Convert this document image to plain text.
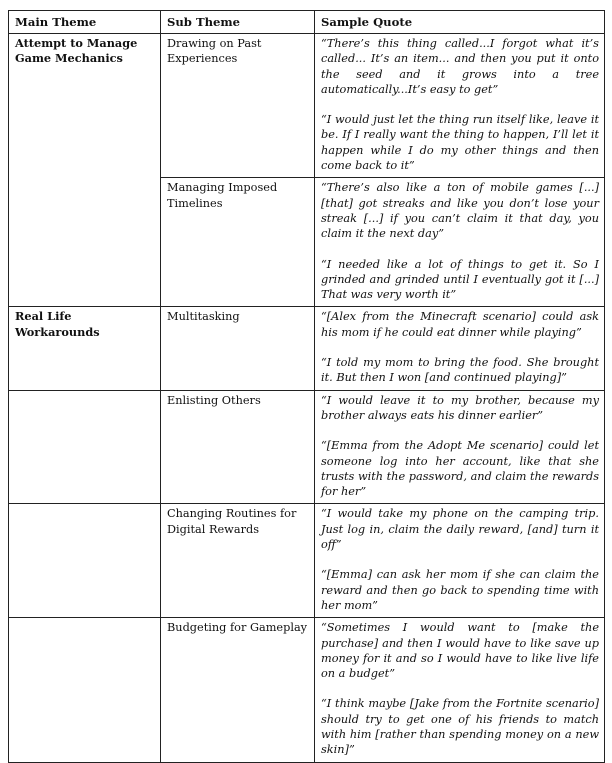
Main Theme	Sub Theme	Sample Quote
Attempt to Manage Game Mechanics	Drawing on Past Experiences	“There’s this thing called...I forgot what it’s called... It’s an item... and then you put it onto the seed and it grows into a tree automatically...It’s easy to get”

“I would just let the thing run itself like, leave it be. If I really want the thing to happen, I’ll let it happen while I do my other things and then come back to it”

	Managing Imposed Timelines	“There’s also like a ton of mobile games [...] [that] got streaks and like you don’t lose your streak [...] if you can’t claim it that day, you claim it the next day”

“I needed like a lot of things to get it. So I grinded and grinded until I eventually got it [...] That was very worth it”

Real Life Workarounds	Multitasking	“[Alex from the Minecraft scenario] could ask his mom if he could eat dinner while playing”

“I told my mom to bring the food. She brought it. But then I won [and continued playing]”

	Enlisting Others	“I would leave it to my brother, because my brother always eats his dinner earlier”

“[Emma from the Adopt Me scenario] could let someone log into her account, like that she trusts with the password, and claim the rewards for her”

	Changing Routines for Digital Rewards	“I would take my phone on the camping trip. Just log in, claim the daily reward, [and] turn it off”

“[Emma] can ask her mom if she can claim the reward and then go back to spending time with her mom”

	Budgeting for Gameplay	“Sometimes I would want to [make the purchase] and then I would have to like save up money for it and so I would have to like live life on a budget”

“I think maybe [Jake from the Fortnite scenario] should try to get one of his friends to match with him [rather than spending money on a new skin]”
